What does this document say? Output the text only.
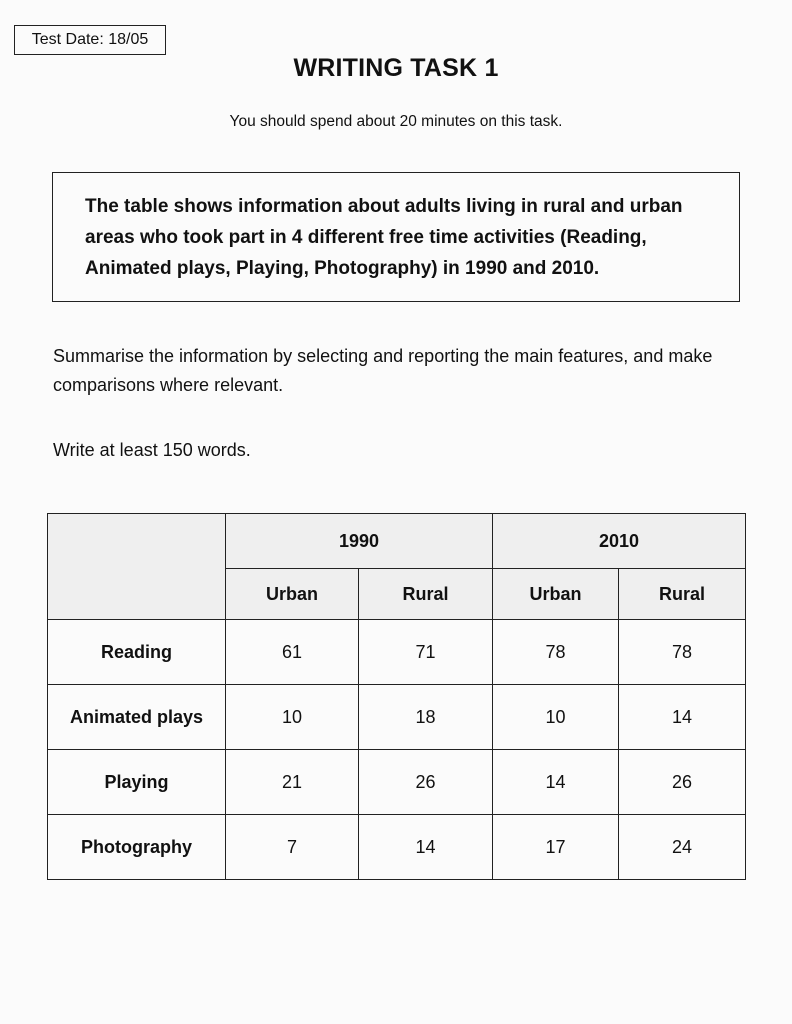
Test Date: 18/05
WRITING TASK 1
You should spend about 20 minutes on this task.
The table shows information about adults living in rural and urban areas who took part in 4 different free time activities (Reading, Animated plays, Playing, Photography) in 1990 and 2010.
Summarise the information by selecting and reporting the main features, and make comparisons where relevant.
Write at least 150 words.
	1990		2010	
	Urban	Rural	Urban	Rural
Reading	61	71	78	78
Animated plays	10	18	10	14
Playing	21	26	14	26
Photography	7	14	17	24
